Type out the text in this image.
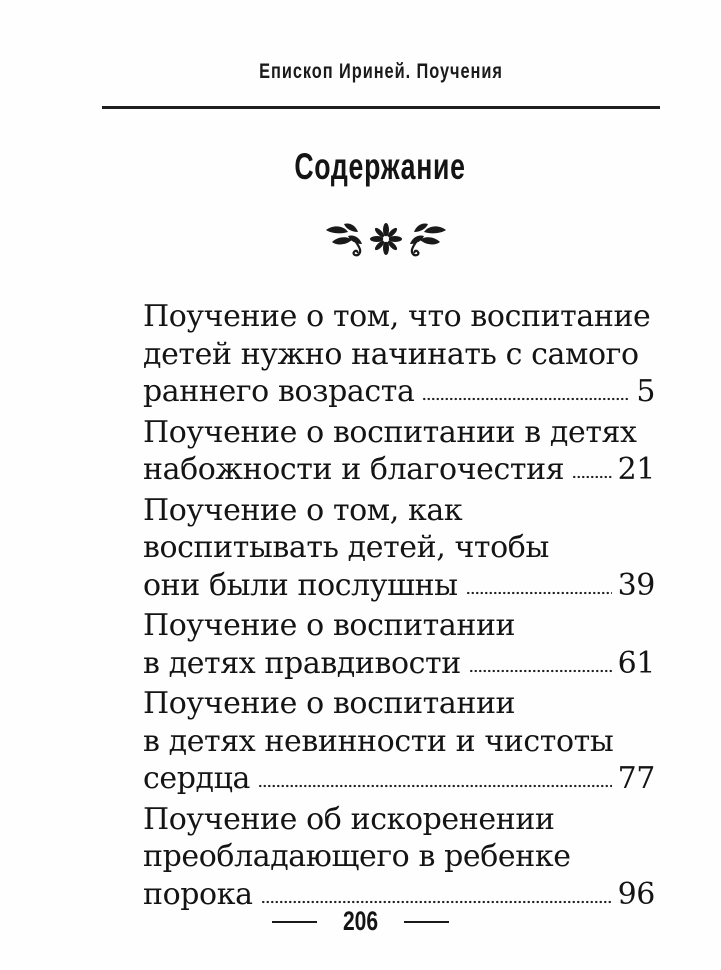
Епископ Ириней. Поучения
Содержание
Поучение о том, что воспитание
детей нужно начинать с самого
раннего возраста	5
Поучение о воспитании в детях
набожности и благочестия 21
Поучение о том, как
воспитывать детей, чтобы
они были послушны	39
Поучение о воспитании
в детях правдивости	61
Поучение о воспитании
в детях невинности и чистоты
сердца	77
Поучение об искоренении
преобладающего в ребенке
порока	96
206
